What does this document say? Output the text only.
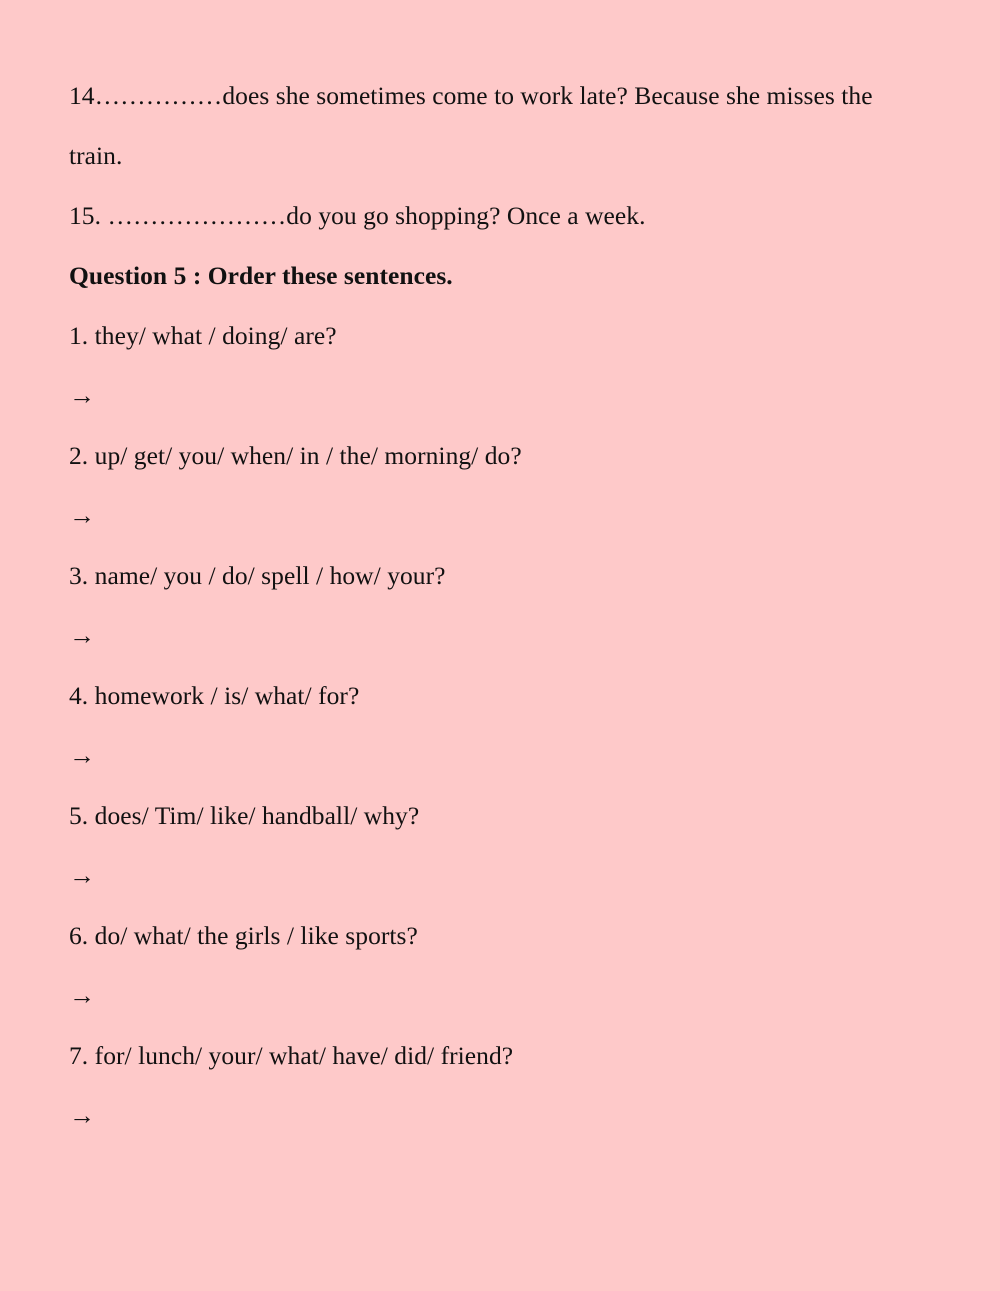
14……………does she sometimes come to work late? Because she misses the
train.
15. …………………do you go shopping? Once a week.
Question 5 : Order these sentences.
1. they/ what / doing/ are?
→
2. up/ get/ you/ when/ in / the/ morning/ do?
→
3. name/ you / do/ spell / how/ your?
→
4. homework / is/ what/ for?
→
5. does/ Tim/ like/ handball/ why?
→
6. do/ what/ the girls / like sports?
→
7. for/ lunch/ your/ what/ have/ did/ friend?
→
